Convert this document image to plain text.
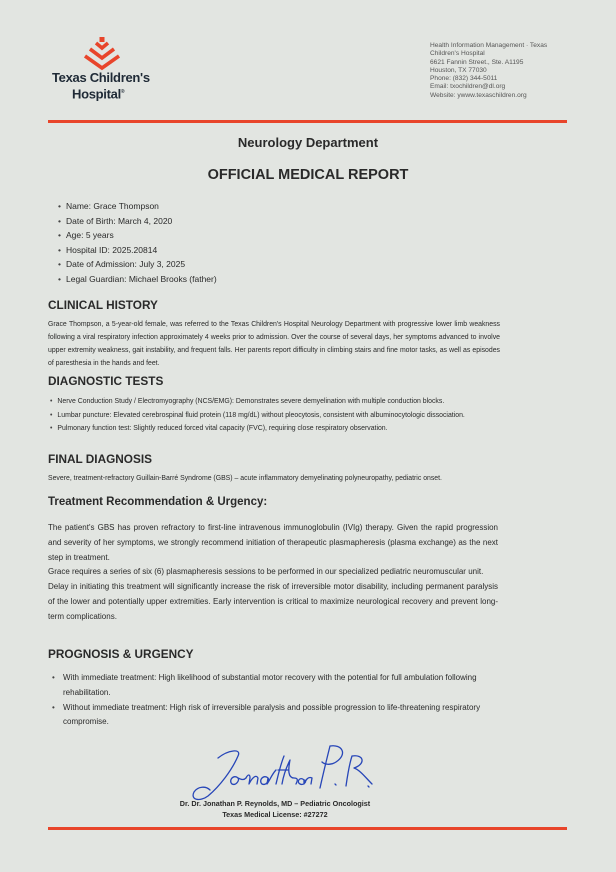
Texas Children's
Hospital®
Health Information Management · Texas
Children's Hospital
6621 Fannin Street., Ste. A1195
Houston, TX 77030
Phone: (832) 344-5011
Email: txochildren@dl.org
Website: ywww.texaschildren.org
Neurology Department
OFFICIAL MEDICAL REPORT
• Name: Grace Thompson
• Date of Birth: March 4, 2020
• Age: 5 years
• Hospital ID: 2025.20814
• Date of Admission: July 3, 2025
• Legal Guardian: Michael Brooks (father)
CLINICAL HISTORY
Grace Thompson, a 5-year-old female, was referred to the Texas Children's Hospital Neurology Department with progressive lower limb weakness following a viral respiratory infection approximately 4 weeks prior to admission. Over the course of several days, her symptoms advanced to involve upper extremity weakness, gait instability, and frequent falls. Her parents report difficulty in climbing stairs and fine motor tasks, as well as episodes of paresthesia in the hands and feet.
DIAGNOSTIC TESTS
• Nerve Conduction Study / Electromyography (NCS/EMG): Demonstrates severe demyelination with multiple conduction blocks.
• Lumbar puncture: Elevated cerebrospinal fluid protein (118 mg/dL) without pleocytosis, consistent with albuminocytologic dissociation.
• Pulmonary function test: Slightly reduced forced vital capacity (FVC), requiring close respiratory observation.
FINAL DIAGNOSIS
Severe, treatment-refractory Guillain-Barré Syndrome (GBS) – acute inflammatory demyelinating polyneuropathy, pediatric onset.
Treatment Recommendation & Urgency:

The patient's GBS has proven refractory to first-line intravenous immunoglobulin (IVIg) therapy. Given the rapid progression and severity of her symptoms, we strongly recommend initiation of therapeutic plasmapheresis (plasma exchange) as the next step in treatment.

Grace requires a series of six (6) plasmapheresis sessions to be performed in our specialized pediatric neuromuscular unit.

Delay in initiating this treatment will significantly increase the risk of irreversible motor disability, including permanent paralysis of the lower and potentially upper extremities. Early intervention is critical to maximize neurological recovery and prevent long-term complications.

PROGNOSIS & URGENCY
• With immediate treatment: High likelihood of substantial motor recovery with the potential for full ambulation following rehabilitation.
• Without immediate treatment: High risk of irreversible paralysis and possible progression to life-threatening respiratory compromise.
Jonathan P. R.
Dr. Dr. Jonathan P. Reynolds, MD – Pediatric Oncologist
Texas Medical License: #27272
